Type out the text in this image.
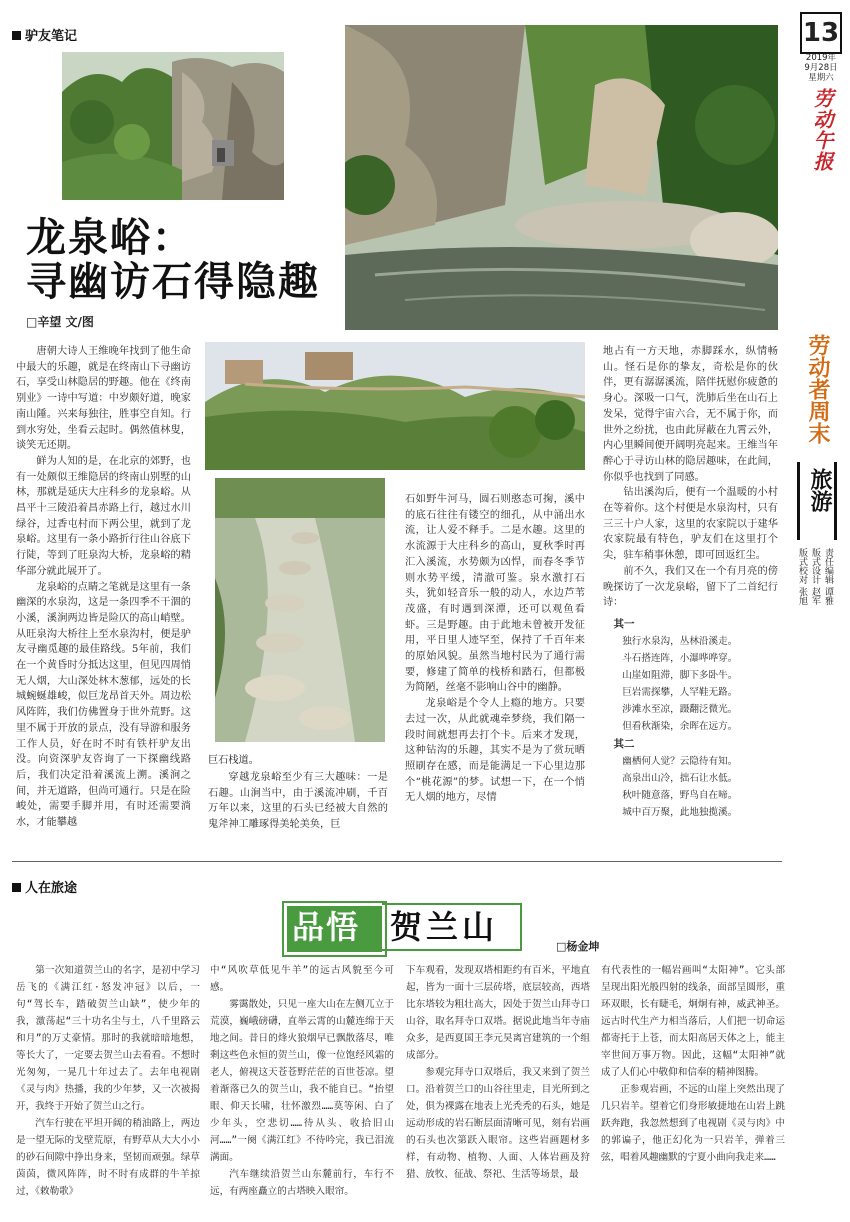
驴友笔记
龙泉峪：
寻幽访石得隐趣
□辛望 文/图
巨石栈道。

唐朝大诗人王维晚年找到了他生命中最大的乐趣，就是在终南山下寻幽访石，享受山林隐居的野趣。他在《终南别业》一诗中写道：中岁颇好道，晚家南山陲。兴来每独往，胜事空自知。行到水穷处，坐看云起时。偶然值林叟，谈笑无还期。

鲜为人知的是，在北京的郊野，也有一处颇似王维隐居的终南山别墅的山林，那就是延庆大庄科乡的龙泉峪。从昌平十三陵沿着昌赤路上行，越过水川绿谷，过香屯村而下两公里，就到了龙泉峪。这里有一条小路折行往山谷底下行陡，等到了旺泉沟大桥，龙泉峪的精华部分就此展开了。

龙泉峪的点睛之笔就是这里有一条幽深的水泉沟，这是一条四季不干涸的小溪，溪涧两边皆是险仄的高山峭壁。从旺泉沟大桥往上至水泉沟村，便是驴友寻幽觅趣的最佳路线。5年前，我们在一个黄昏时分抵达这里，但见四周悄无人烟，大山深处林木葱郁，远处的长城蜿蜒雄峻，似巨龙昂首天外。周边松风阵阵，我们仿佛置身于世外荒野。这里不属于开放的景点，没有导游和服务工作人员，好在时不时有铁杆驴友出没。向资深驴友咨询了一下探幽线路后，我们决定沿着溪流上溯。溪涧之间，并无道路，但尚可通行。只是在险峻处，需要手脚并用，有时还需要淌水，才能攀越

穿越龙泉峪至少有三大趣味：一是石趣。山涧当中，由于溪流冲刷，千百万年以来，这里的石头已经被大自然的鬼斧神工雕琢得美轮美奂，巨

石如野牛河马，圆石则憨态可掬，溪中的底石往往有镂空的细孔，从中涌出水流，让人爱不释手。二是水趣。这里的水流源于大庄科乡的高山，夏秋季时再汇入溪流，水势颇为凶悍，而春冬季节则水势平缓，清澈可鉴。泉水激打石头，犹如轻音乐一般的动人，水边芦苇茂盛，有时遇到深潭，还可以观鱼看虾。三是野趣。由于此地未曾被开发征用，平日里人迹罕至，保持了千百年来的原始风貌。虽然当地村民为了通行需要，修建了简单的栈桥和踏石，但都极为简陋，丝毫不影响山谷中的幽静。

龙泉峪是个令人上瘾的地方。只要去过一次，从此就魂牵梦绕，我们隔一段时间就想再去打个卡。后来才发现，这种钻沟的乐趣，其实不是为了赏玩晒照刷存在感，而是能满足一下心里边那个“桃花源”的梦。试想一下，在一个悄无人烟的地方，尽情

地占有一方天地，赤脚踩水，纵情畅山。怪石是你的挚友，奇松是你的伙伴，更有潺潺溪流，陪伴抚慰你疲惫的身心。深吸一口气，洗肺后坐在山石上发呆，觉得宇宙六合，无不属于你，而世外之纷扰，也由此屏蔽在九霄云外，内心里瞬间便开阔明亮起来。王维当年醉心于寻访山林的隐居趣味，在此间，你似乎也找到了同感。

钻出溪沟后，便有一个温暖的小村在等着你。这个村便是水泉沟村，只有三三十户人家，这里的农家院以于建华农家院最有特色，驴友们在这里打个尖，驻车稍事休憩，即可回返红尘。

前不久，我们又在一个有月亮的傍晚探访了一次龙泉峪，留下了二首纪行诗：

其一
独行水泉沟，丛林沿溪走。
斗石搭连阵，小瀑哗哗穿。
山崖如阻滞，脚下多卧牛。
巨岩需探攀，人罕鞋无路。
涉滩水至凉，蹑翻泛微光。
但看秋渐染，余晖在远方。
其二
幽栖何人觉？云隐待有知。
高泉出山冷，拙石让水低。
秋叶随意落，野鸟自在啼。
城中百万聚，此地独揽溪。
13
2019年
9月28日
星期六
劳动午报
劳动者周末
旅游
责任编辑 谭雅
版式设计 赵军
版式校对 张旭
人在旅途
品悟 贺兰山
□杨金坤

第一次知道贺兰山的名字，是初中学习岳飞的《满江红·怒发冲冠》以后，一句“驾长车，踏破贺兰山缺”，使少年的我，激荡起“三十功名尘与土，八千里路云和月”的万丈豪情。那时的我就暗暗地想，等长大了，一定要去贺兰山去看看。不想时光匆匆，一晃几十年过去了。去年电视剧《灵与肉》热播，我的少年梦，又一次被揭开，我终于开始了贺兰山之行。

汽车行驶在平坦开阔的稍油路上，两边是一望无际的戈壁荒原，有野草从大大小小的砂石间隙中挣出身来，坚韧而顽强。绿草茵茵，微风阵阵，时不时有成群的牛羊掠过，《敕勒歌》

中“风吹草低见牛羊”的远古风貌至今可感。

雾霭散处，只见一座大山在左侧兀立于荒漠，巍峨磅礴，直举云霄的山麓连绵于天地之间。昔日的烽火狼烟早已飘散落尽，唯剩这些色永恒的贺兰山，像一位饱经风霜的老人，俯视这天苍苍野茫茫的百世苍凉。望着渐落已久的贺兰山，我不能自已。“抬望眼、仰天长啸，壮怀激烈……莫等闲、白了少年头，空悲切……待从头、收拾旧山河……”一阕《满江红》不待吟完，我已泪流满面。

汽车继续沿贺兰山东麓前行，车行不远，有两座矗立的古塔映入眼帘。

下车观看，发现双塔相距约有百米，平地直起，皆为一面十三层砖塔，底层较高，西塔比东塔较为粗壮高大，因处于贺兰山拜寺口山谷，取名拜寺口双塔。据说此地当年寺庙众多，是西夏国王李元昊离宫建筑的一个组成部分。

参观完拜寺口双塔后，我又来到了贺兰口。沿着贺兰口的山谷往里走，目光所到之处，俱为裸露在地表上光秃秃的石头，她是远动形成的岩石断层面清晰可见，刻有岩画的石头也次第跃入眼帘。这些岩画题材多样，有动物、植物、人面、人体岩画及狩猎、放牧、征战、祭祀、生活等场景，最

有代表性的一幅岩画叫“太阳神”。它头部呈现出阳光般四射的线条，面部呈圆形，重环双眼，长有睫毛，炯炯有神，威武神圣。远古时代生产力相当落后，人们把一切命运都寄托于上苍，而太阳高居天体之上，能主宰世间万事万物。因此，这幅“太阳神”就成了人们心中敬仰和信奉的精神图腾。

正参观岩画，不远的山崖上突然出现了几只岩羊。望着它们身形敏捷地在山岩上跳跃奔跑，我忽然想到了电视剧《灵与肉》中的郭谝子，他正幻化为一只岩羊，弹着三弦，唱着风趣幽默的宁夏小曲向我走来……
